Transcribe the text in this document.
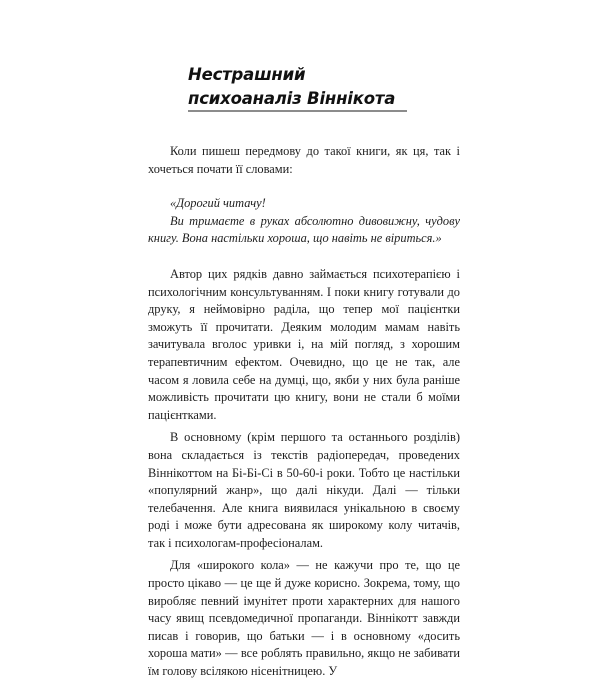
Нестрашний
психоаналіз Віннікота

Коли пишеш передмову до такої книги, як ця, так і хочеться почати її словами:

«Дорогий читачу!

Ви тримаєте в руках абсолютно дивовижну, чудову книгу. Вона настільки хороша, що навіть не віриться.»

Автор цих рядків давно займається психотерапією і психологічним консультуванням. І поки книгу готували до друку, я неймовірно раділа, що тепер мої пацієнтки зможуть її прочитати. Деяким молодим мамам навіть зачитувала вголос уривки і, на мій погляд, з хорошим терапевтичним ефектом. Очевидно, що це не так, але часом я ловила себе на думці, що, якби у них була раніше можливість прочитати цю книгу, вони не стали б моїми пацієнтками.

В основному (крім першого та останнього розділів) вона складається із текстів радіопередач, проведених Віннікоттом на Бі-Бі-Сі в 50-60-і роки. Тобто це настільки «популярний жанр», що далі нікуди. Далі — тільки телебачення. Але книга виявилася унікальною в своєму роді і може бути адресована як широкому колу читачів, так і психологам-професіоналам.

Для «широкого кола» — не кажучи про те, що це просто цікаво — це ще й дуже корисно. Зокрема, тому, що виробляє певний імунітет проти характерних для нашого часу явищ псевдомедичної пропаганди. Віннікотт завжди писав і говорив, що батьки — і в основному «досить хороша мати» — все роблять правильно, якщо не забивати їм голову всілякою нісенітницею. У
